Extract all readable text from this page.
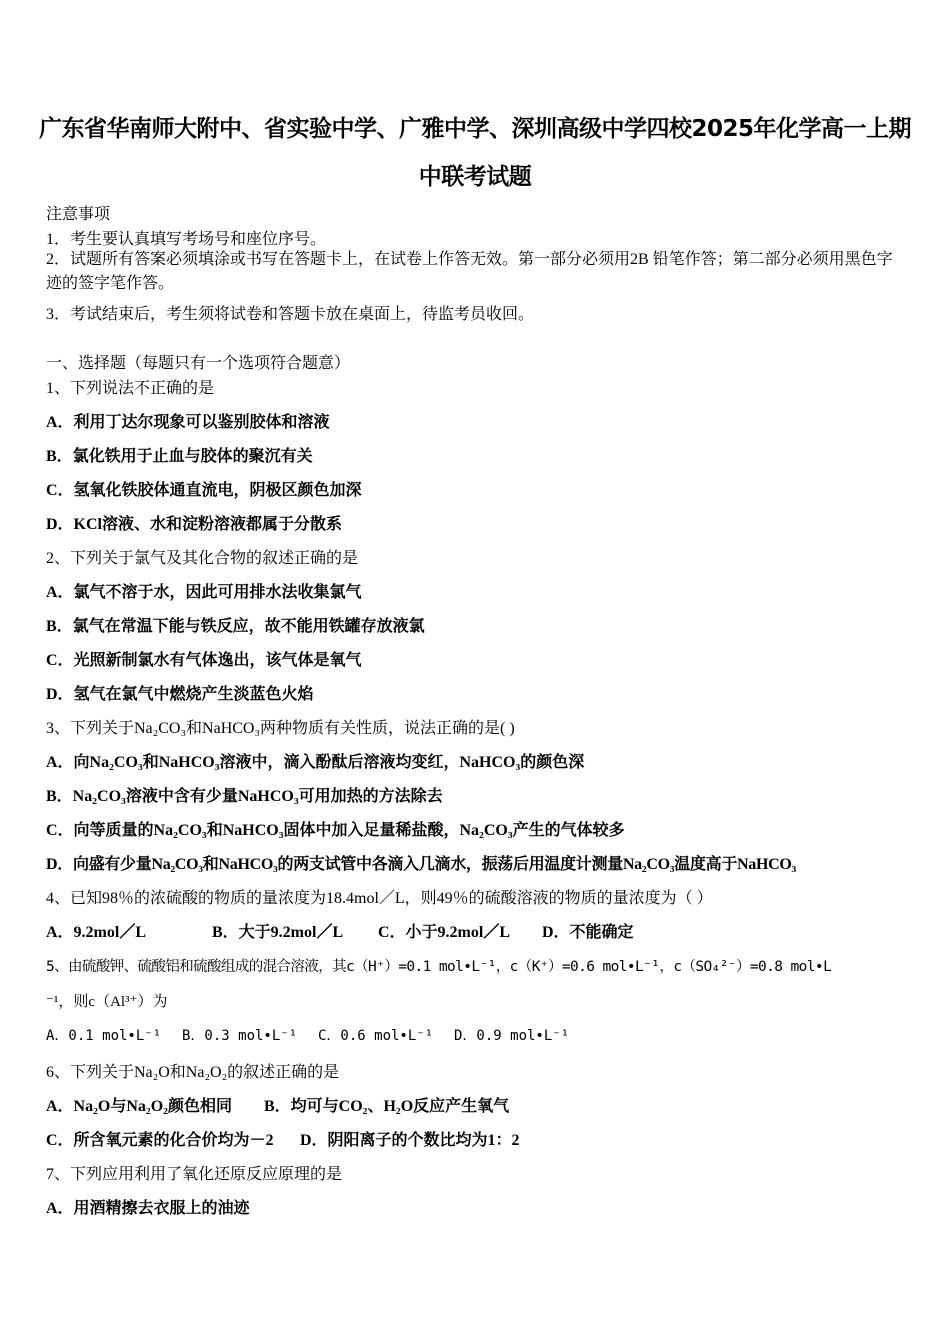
广东省华南师大附中、省实验中学、广雅中学、深圳高级中学四校2025年化学高一上期
中联考试题
注意事项
1．考生要认真填写考场号和座位序号。
2．试题所有答案必须填涂或书写在答题卡上，在试卷上作答无效。第一部分必须用2B 铅笔作答；第二部分必须用黑色字迹的签字笔作答。
3．考试结束后，考生须将试卷和答题卡放在桌面上，待监考员收回。
一、选择题（每题只有一个选项符合题意）
1、下列说法不正确的是
A．利用丁达尔现象可以鉴别胶体和溶液
B．氯化铁用于止血与胶体的聚沉有关
C．氢氧化铁胶体通直流电，阴极区颜色加深
D．KCl溶液、水和淀粉溶液都属于分散系
2、下列关于氯气及其化合物的叙述正确的是
A．氯气不溶于水，因此可用排水法收集氯气
B．氯气在常温下能与铁反应，故不能用铁罐存放液氯
C．光照新制氯水有气体逸出，该气体是氧气
D．氢气在氯气中燃烧产生淡蓝色火焰
3、下列关于Na₂CO₃和NaHCO₃两种物质有关性质，说法正确的是( )
A．向Na₂CO₃和NaHCO₃溶液中，滴入酚酞后溶液均变红，NaHCO₃的颜色深
B．Na₂CO₃溶液中含有少量NaHCO₃可用加热的方法除去
C．向等质量的Na₂CO₃和NaHCO₃固体中加入足量稀盐酸，Na₂CO₃产生的气体较多
D．向盛有少量Na₂CO₃和NaHCO₃的两支试管中各滴入几滴水，振荡后用温度计测量Na₂CO₃温度高于NaHCO₃
4、已知98％的浓硫酸的物质的量浓度为18.4mol／L，则49％的硫酸溶液的物质的量浓度为（ ）
A．9.2mol／L	B．大于9.2mol／L C．小于9.2mol／L D．不能确定
5、由硫酸钾、硫酸铝和硫酸组成的混合溶液，其c（H⁺）=0.1 mol•L⁻¹，c（K⁺）=0.6 mol•L⁻¹，c（SO₄²⁻）=0.8 mol•L
⁻¹，则c（Al³⁺）为
A．0.1 mol•L⁻¹ B．0.3 mol•L⁻¹ C．0.6 mol•L⁻¹ D．0.9 mol•L⁻¹
6、下列关于Na₂O和Na₂O₂的叙述正确的是
A．Na₂O与Na₂O₂颜色相同 B．均可与CO₂、H₂O反应产生氧气
C．所含氧元素的化合价均为－2 D．阴阳离子的个数比均为1：2
7、下列应用利用了氧化还原反应原理的是
A．用酒精擦去衣服上的油迹
